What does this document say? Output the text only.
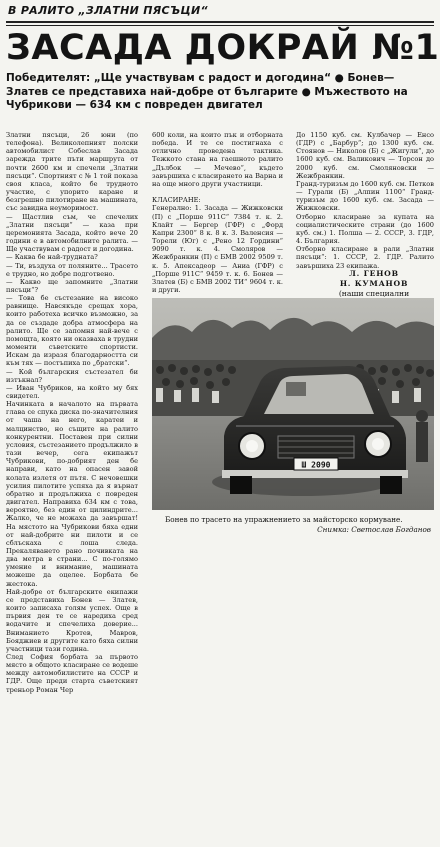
В РАЛИТО „ЗЛАТНИ ПЯСЪЦИ“
ЗАСАДА ДОКРАЙ №1
Победителят: „Ще участвувам с радост и догодина“ ● Бонев—Златев се представиха най-добре от българите ● Мъжеството на Чубрикови — 634 км с повреден двигател
Златни пясъци, 26 юни (по телефона). Великолепният полски автомобилист Собеслав Засада зарежда трите пъти маршрута от почти 2600 км и спечели „Златни пясъци“. Спортният с № 1 той показа своя класа, който бе трудното участие, с упорито каране и безгрешно пилотиране на машината, със завидна неуморимост.
— Щастлив съм, че спечелих „Златни пясъци“ — каза при церемонията Засада, който вече 20 години е в автомобилните ралита. — Ще участвувам с радост и догодина.
— Каква бе най-трудната?
— Ти, въздуха от поляните... Трасето е трудно, но добре подготвено.
— Какво ще запомните „Златни пясъци“?
— Това бе състезание на високо равнище. Навсякъде срещах хора, които работеха всичко възможно, за да се създаде добра атмосфера на ралито. Ще се запомня най-вече с помощта, която ни оказваха в трудни моменти съветските спортисти. Искам да изразя благодарността си към тях — постъпиха по „братски“.
— Кой българския състезател би изтъкнал?
— Иван Чубриков, на който му бях свидетел.
Начинката в началото на първата глава се спука диска по-значителния от чаша на него, каратеи и малцинство, но същите на ралито конкурентни. Поставен при силни условия, състезанието продължило в тази вечер, сега екипажът Чубрикови, по-добрият ден бе направи, като на опасен завой колата излетя от пътя. С нечовешки усилия пилотите успяха да я върнат обратно и продължиха с повреден двигател. Направиха 634 км с това, вероятно, без един от цилиндрите... Жалко, че не можаха да завършат! На мястото на Чубрикови бяха едни от най-добрите ни пилоти и се сблъскаха с лоша следа. Прекаляването рано почивката на два метра в страни... С по-голямо умение и внимание, машината можеше да оцелее. Борбата бе жестока.
Най-добре от българските екипажи се представиха Бонев — Златев, които записаха голям успех. Още в първия ден те се наредиха сред водачите и спечелиха доверие... Вниманието Кротев, Мавров, Бояджиев и другите като бяха силни участници тази година.
След София борбата за първото място в общото класиране се водеше между автомобилистите на СССР и ГДР. Още преди старта съветският треньор Роман Чер
600 коли, на които пък и отборната победа. И те се постигнаха с отлично проведена тактика. Тежкото стана на гаешното ралито „Дълбок — Мечево“, където завършиха с класирането на Варна и на още много други участници.

КЛАСИРАНЕ:
Генерално: 1. Засада — Жижковски (П) с „Порше 911С“ 7384 т. к. 2. Клайт — Бергер (ГФР) с „Форд Капри 2300“ 8 к. 8 к. 3. Валенсия — Торели (Юг) с „Рено 12 Гордини“ 9090 т. к. 4. Смоляров — Жежбранкин (П) с БМВ 2002 9509 т. к. 5. Апексадеор — Аниа (ГФР) с „Порше 911С“ 9459 т. к. 6. Бонев — Златев (Б) с БМВ 2002 ТИ“ 9604 т. к. и други.

До 1150 куб. см. Кулбачер — Енсо (ГДР) с „Барбур“; до 1300 куб. см. Стоянов — Николов (Б) с „Жигули“, до 1600 куб. см. Валикович — Торсон до 2000 куб. см. Смоляновски — Жежбранкин.
Гранд-туризъм до 1600 куб. см. Петков — Гурали (Б) „Алпин 1100“ Гранд-туризъм до 1600 куб. см. Засада — Жижковски.
Отборно класиране за купата на социалистическите страни (до 1600 куб. см.) 1. Полша — 2. СССР, 3. ГДР, 4. България.
Отборно класиране в рали „Златни пясъци“: 1. СССР, 2. ГДР. Ралито завършиха 23 екипажа.
Л. ГЕНОВ
Н. КУМАНОВ
(наши специални
Ш 2090
Бонев по трасето на упражнението за майсторско кормуване.
Снимка: Светослав Богданов
